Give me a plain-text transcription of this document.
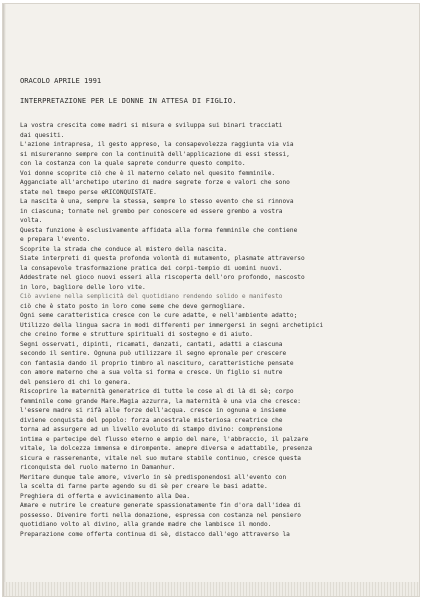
ORACOLO APRILE 1991
INTERPRETAZIONE PER LE DONNE IN ATTESA DI FIGLIO.
La vostra crescita come madri si misura e sviluppa sui binari tracciati
dai quesiti.
L'azione intrapresa, il gesto appreso, la consapevolezza raggiunta via via
si misureranno sempre con la continuità dell'applicazione di essi stessi,
con la costanza con la quale saprete condurre questo compito.
Voi donne scoprite ciò che è il materno celato nel quesito femminile.
Agganciate all'archetipo uterino di madre segrete forze e valori che sono
state nel tmepo perse eRICONQUISTATE.
La nascita è una, sempre la stessa, sempre lo stesso evento che si rinnova
in ciascuna; tornate nel grembo per conoscere ed essere grembo a vostra
volta.
Questa funzione è esclusivamente affidata alla forma femminile che contiene
e prepara l'evento.
Scoprite la strada che conduce al mistero della nascita.
Siate interpreti di questa profonda volontà di mutamento, plasmate attraverso
la consapevole trasformazione pratica dei corpi-tempio di uomini nuovi.
Addestrate nel gioco nuovi esseri alla riscoperta dell'oro profondo, nascosto
in loro, bagliore delle loro vite.
Ciò avviene nella semplicità del quotidiano rendendo solido e manifesto
ciò che è stato posto in loro come seme che deve germogliare.
Ogni seme caratteristica cresce con le cure adatte, e nell'ambiente adatto;
Utilizzo della lingua sacra in modi differenti per immergersi in segni archetipici
che creino forme e strutture spirituali di sostegno e di aiuto.
Segni osservati, dipinti, ricamati, danzati, cantati, adatti a ciascuna
secondo il sentire. Ognuna può utilizzare il segno epronale per crescere
con fantasia dando il proprio timbro al nascituro, caratteristiche pensate
con amore materno che a sua volta si forma e cresce. Un figlio si nutre
del pensiero di chi lo genera.
Riscoprire la maternità generatrice di tutte le cose al di là di sè; corpo
femminile come grande Mare.Magia azzurra, la maternità è una via che cresce:
l'essere madre si rifà alle forze dell'acqua. cresce in ognuna e insieme
diviene conquista del popolo: forza ancestrale misteriosa creatrice che
torna ad assurgere ad un livello evoluto di stampo divino: comprensione
intima e partecipe del flusso eterno e ampio del mare, l'abbraccio, il palzare
vitale, la dolcezza immensa e dirompente. amepre diversa e adattabile, presenza
sicura e rasserenante, vitale nel suo mutare stabile continuo, cresce questa
riconquista del ruolo materno in Damanhur.
Meritare dunque tale amore, viverlo in sè predisponendosi all'evento con
la scelta di farne parte agendo su di sè per creare le basi adatte.
Preghiera di offerta e avvicinamento alla Dea.
Amare e nutrire le creature generate spassionatamente fin d'ora dall'idea di
possesso. Divenire forti nella donazione, espressa con costanza nel pensiero
quotidiano volto al divino, alla grande madre che lambisce il mondo.
Preparazione come offerta continua di sè, distacco dall'ego attraverso la
